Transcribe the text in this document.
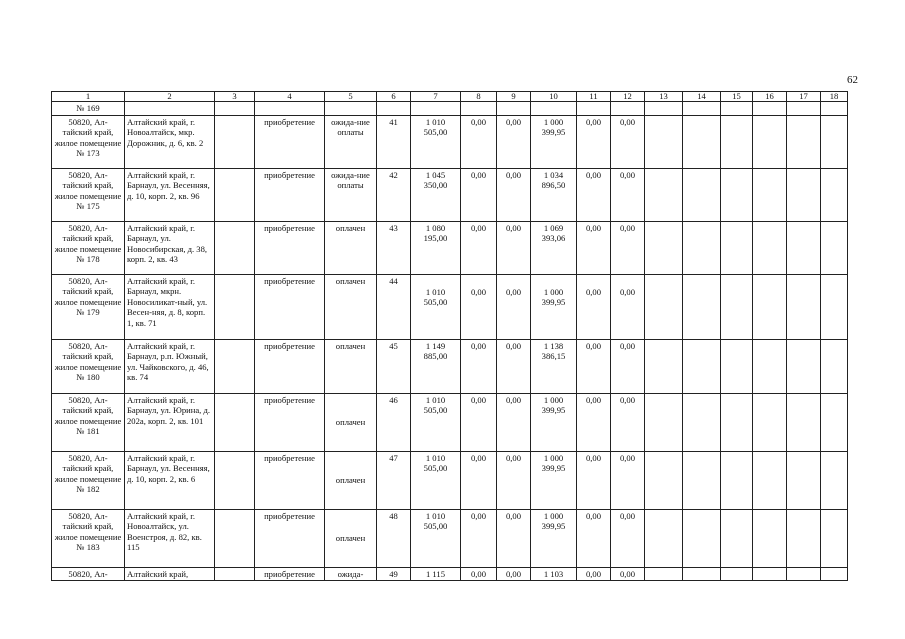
62
1	2	3	4	5	6	7	8	9	10	11	12	13	14	15	16	17	18
№ 169																	
50820, Ал-тайский край, жилое помещение № 173	Алтайский край, г. Новоалтайск, мкр. Дорожник, д. 6, кв. 2		приобретение	ожида-ние оплаты	41	1 010 505,00	0,00	0,00	1 000 399,95	0,00	0,00						
50820, Ал-тайский край, жилое помещение № 175	Алтайский край, г. Барнаул, ул. Весенняя, д. 10, корп. 2, кв. 96		приобретение	ожида-ние оплаты	42	1 045 350,00	0,00	0,00	1 034 896,50	0,00	0,00						
50820, Ал-тайский край, жилое помещение № 178	Алтайский край, г. Барнаул, ул. Новосибирская, д. 38, корп. 2, кв. 43		приобретение	оплачен	43	1 080 195,00	0,00	0,00	1 069 393,06	0,00	0,00						
50820, Ал-тайский край, жилое помещение № 179	Алтайский край, г. Барнаул, мкрн. Новосиликат-ный, ул. Весен-няя, д. 8, корп. 1, кв. 71		приобретение	оплачен	44	1 010 505,00	0,00	0,00	1 000 399,95	0,00	0,00						
50820, Ал-тайский край, жилое помещение № 180	Алтайский край, г. Барнаул, р.п. Южный, ул. Чайковского, д. 46, кв. 74		приобретение	оплачен	45	1 149 885,00	0,00	0,00	1 138 386,15	0,00	0,00						
50820, Ал-тайский край, жилое помещение № 181	Алтайский край, г. Барнаул, ул. Юрина, д. 202а, корп. 2, кв. 101		приобретение	оплачен	46	1 010 505,00	0,00	0,00	1 000 399,95	0,00	0,00						
50820, Ал-тайский край, жилое помещение № 182	Алтайский край, г. Барнаул, ул. Весенняя, д. 10, корп. 2, кв. 6		приобретение	оплачен	47	1 010 505,00	0,00	0,00	1 000 399,95	0,00	0,00						
50820, Ал-тайский край, жилое помещение № 183	Алтайский край, г. Новоалтайск, ул. Военстроя, д. 82, кв. 115		приобретение	оплачен	48	1 010 505,00	0,00	0,00	1 000 399,95	0,00	0,00						
50820, Ал-	Алтайский край,		приобретение	ожида-	49	1 115	0,00	0,00	1 103	0,00	0,00						
